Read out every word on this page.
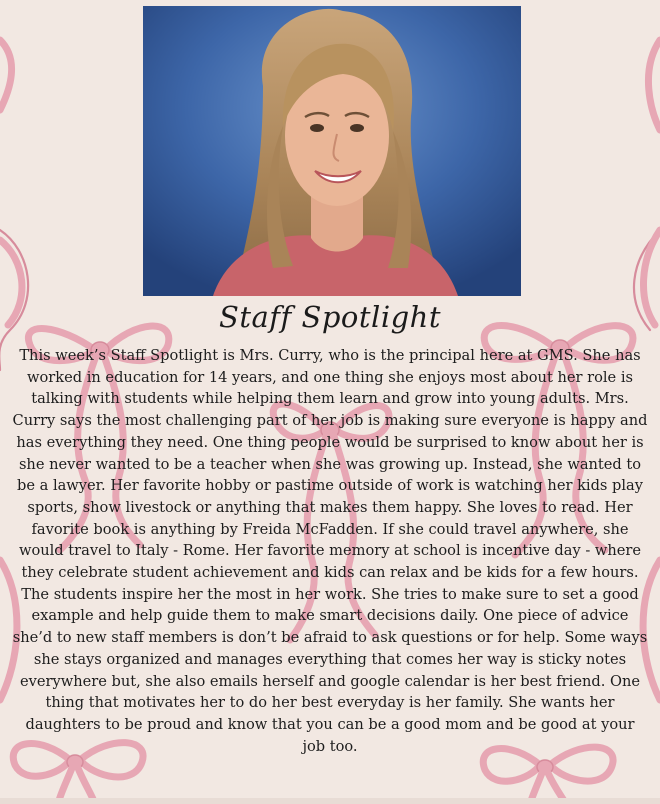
Staff Spotlight
This week’s Staff Spotlight is Mrs. Curry, who is the principal here at GMS. She has worked in education for 14 years, and one thing she enjoys most about her role is talking with students while helping them learn and grow into young adults. Mrs. Curry says the most challenging part of her job is making sure everyone is happy and has everything they need. One thing people would be surprised to know about her is she never wanted to be a teacher when she was growing up. Instead, she wanted to be a lawyer. Her favorite hobby or pastime outside of work is watching her kids play sports, show livestock or anything that makes them happy. She loves to read. Her favorite book is anything by Freida McFadden. If she could travel anywhere, she would travel to Italy - Rome. Her favorite memory at school is incentive day - where they celebrate student achievement and kids can relax and be kids for a few hours. The students inspire her the most in her work. She tries to make sure to set a good example and help guide them to make smart decisions daily. One piece of advice she’d to new staff members is don’t be afraid to ask questions or for help. Some ways she stays organized and manages everything that comes her way is sticky notes everywhere but, she also emails herself and google calendar is her best friend. One thing that motivates her to do her best everyday is her family. She wants her daughters to be proud and know that you can be a good mom and be good at your job too.
